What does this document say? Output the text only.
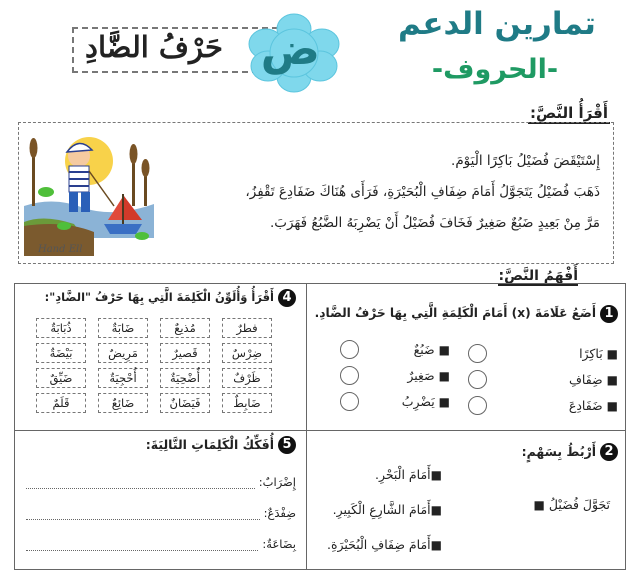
تمارين الدعم
-الحروف-
حَرْفُ الضَّادِ ض
أَقْرَأُ النَّصَّ:
Hand Ell
إِسْتَيْقَضَ فُضَيْلُ بَاكِرًا الْيَوْمَ.
ذَهَبَ فُضَيْلُ يَتَجَوَّلُ أَمَامَ ضِفَافِ الْبُحَيْرَةِ، فَرَأَى هُنَاكَ ضَفَادِعَ تَقْفِزُ،
مَرَّ مِنْ بَعِيدٍ ضَبُعٌ صَغِيرٌ فَخَافَ فُضَيْلُ أَنْ يَضْرِبَهُ الضَّبُعُ فَهَرَبَ.
أَفْهَمُ النَّصَّ:
1
أَضَعُ عَلَامَةَ (x) أَمَامَ الْكَلِمَةِ الَّتِي بِهَا حَرْفُ الضَّادِ.
■ بَاكِرًا
■ ضِفَافِ
■ ضَفَادِعَ
■ ضَبُعٌ
■ صَغِيرٌ
■ يَضْرِبُ
4
أَقْرَأُ وَأُلَوِّنُ الْكَلِمَةَ الَّتِي بِهَا حَرْفُ "الضَّادِ":
فطرٌ
مُذيعٌ
ضَابَةٌ
ذُبَابَةٌ
ضِرْسٌ
قَصيرٌ
مَرِيضٌ
بَيْضَةٌ
ظَرْفٌ
أُضْحِيَةٌ
أُحْجِيَةٌ
ضَيِّقٌ
ضَابِطٌ
فَيَضَانٌ
ضَائِعٌ
قَلَمٌ
2
أَرْبُطُ بِسَهْمٍ:
تَجَوَّلَ فُضَيْلُ ■
■أَمَامَ الْبَحْرِ.
■أَمَامَ الشَّارِعِ الْكَبِيرِ.
■أَمَامَ ضِفَافِ الْبُحَيْرَةِ.
5
أُفَكِّكُ الْكَلِمَاتِ التَّالِيَةَ:
إِضْرَابٌ:
ضِفْدَعٌ:
بِضَاعَةٌ:
